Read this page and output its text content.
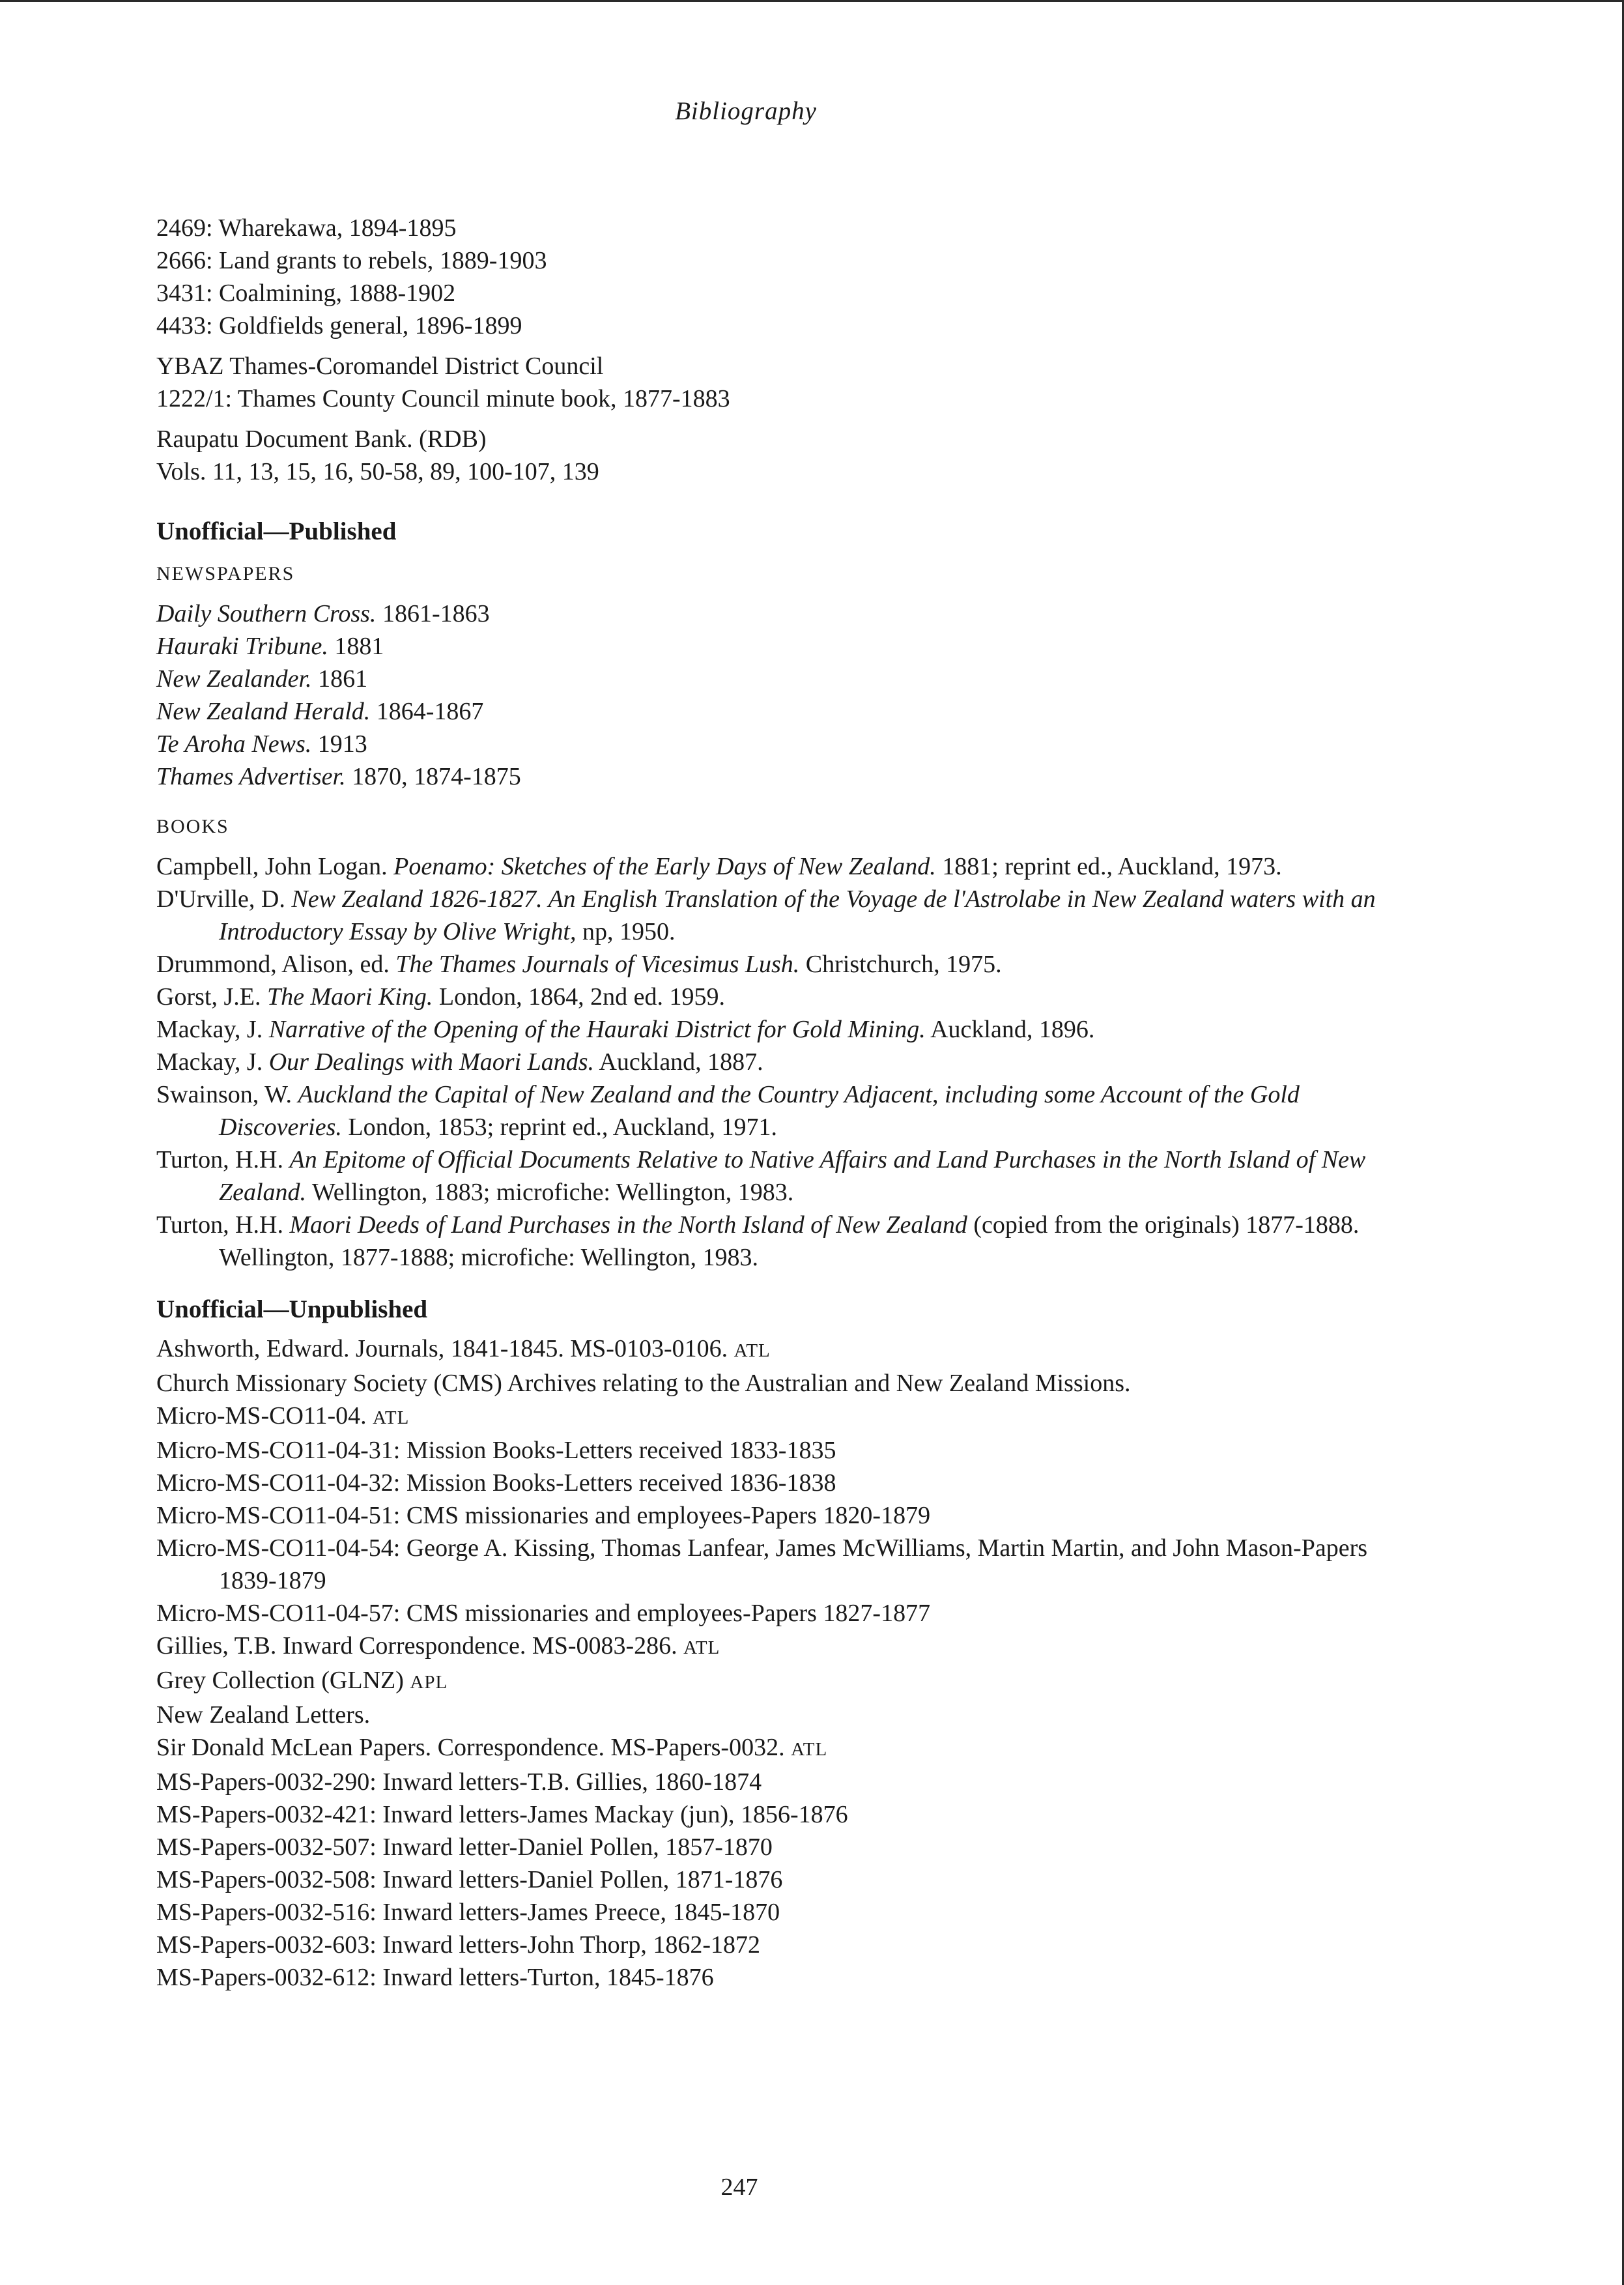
Bibliography
2469: Wharekawa, 1894-1895
2666: Land grants to rebels, 1889-1903
3431: Coalmining, 1888-1902
4433: Goldfields general, 1896-1899
YBAZ Thames-Coromandel District Council
1222/1: Thames County Council minute book, 1877-1883
Raupatu Document Bank. (RDB)
Vols. 11, 13, 15, 16, 50-58, 89, 100-107, 139
Unofficial—Published
NEWSPAPERS
Daily Southern Cross. 1861-1863
Hauraki Tribune. 1881
New Zealander. 1861
New Zealand Herald. 1864-1867
Te Aroha News. 1913
Thames Advertiser. 1870, 1874-1875
BOOKS
Campbell, John Logan. Poenamo: Sketches of the Early Days of New Zealand. 1881; reprint ed., Auckland, 1973.
D'Urville, D. New Zealand 1826-1827. An English Translation of the Voyage de l'Astrolabe in New Zealand waters with an Introductory Essay by Olive Wright, np, 1950.
Drummond, Alison, ed. The Thames Journals of Vicesimus Lush. Christchurch, 1975.
Gorst, J.E. The Maori King. London, 1864, 2nd ed. 1959.
Mackay, J. Narrative of the Opening of the Hauraki District for Gold Mining. Auckland, 1896.
Mackay, J. Our Dealings with Maori Lands. Auckland, 1887.
Swainson, W. Auckland the Capital of New Zealand and the Country Adjacent, including some Account of the Gold Discoveries. London, 1853; reprint ed., Auckland, 1971.
Turton, H.H. An Epitome of Official Documents Relative to Native Affairs and Land Purchases in the North Island of New Zealand. Wellington, 1883; microfiche: Wellington, 1983.
Turton, H.H. Maori Deeds of Land Purchases in the North Island of New Zealand (copied from the originals) 1877-1888. Wellington, 1877-1888; microfiche: Wellington, 1983.
Unofficial—Unpublished
Ashworth, Edward. Journals, 1841-1845. MS-0103-0106. ATL
Church Missionary Society (CMS) Archives relating to the Australian and New Zealand Missions.
Micro-MS-CO11-04. ATL
Micro-MS-CO11-04-31: Mission Books-Letters received 1833-1835
Micro-MS-CO11-04-32: Mission Books-Letters received 1836-1838
Micro-MS-CO11-04-51: CMS missionaries and employees-Papers 1820-1879
Micro-MS-CO11-04-54: George A. Kissing, Thomas Lanfear, James McWilliams, Martin Martin, and John Mason-Papers 1839-1879
Micro-MS-CO11-04-57: CMS missionaries and employees-Papers 1827-1877
Gillies, T.B. Inward Correspondence. MS-0083-286. ATL
Grey Collection (GLNZ) APL
New Zealand Letters.
Sir Donald McLean Papers. Correspondence. MS-Papers-0032. ATL
MS-Papers-0032-290: Inward letters-T.B. Gillies, 1860-1874
MS-Papers-0032-421: Inward letters-James Mackay (jun), 1856-1876
MS-Papers-0032-507: Inward letter-Daniel Pollen, 1857-1870
MS-Papers-0032-508: Inward letters-Daniel Pollen, 1871-1876
MS-Papers-0032-516: Inward letters-James Preece, 1845-1870
MS-Papers-0032-603: Inward letters-John Thorp, 1862-1872
MS-Papers-0032-612: Inward letters-Turton, 1845-1876
247
